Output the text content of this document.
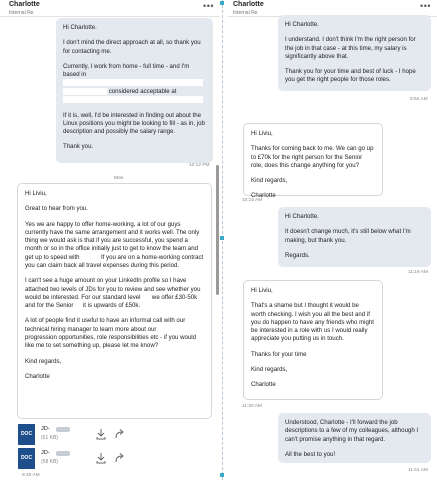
Charlotte
Internal Re
•••

Hi Charlotte.

I don't mind the direct approach at all, so thank you for contacting me.

Currently, I work from home - full time - and I'm based in
considered acceptable at

If it is, well, I'd be interested in finding out about the Linux positions you might be looking to fill - as in, job description and possibly the salary range.

Thank you.

10:12 PM
Mon

Hi Liviu,

Great to hear from you.

Yes we are happy to offer home-working, a lot of our guys currently have the same arrangement and it works well. The only thing we would ask is that if you are successful, you spend a month or so in the office initially just to get to know the team and get up to speed with	If you are on a home-working contract you can claim back all travel expenses during this period.

I can't see a huge amount on your LinkedIn profile so I have attached two levels of JDs for you to review and see whether you would be interested. For our standard level we offer £30-50k and for the Senior it is upwards of £50k.

A lot of people find it useful to have an informal call with our technical hiring manager to learn more about our  progression opportunities, role responsibilities etc - if you would like me to set something up, please let me know?

Kind regards,

Charlotte

DOC
JD-
(61 KB)
DOC
JD-
(58 KB)
8:46 AM
Charlotte
Internal Re
•••

Hi Charlotte.

I understand. I don't think I'm the right person for the job in that case - at this time, my salary is significantly above that.

Thank you for your time and best of luck - I hope you get the right people for those roles.

9:52 AM

Hi Liviu,

Thanks for coming back to me. We can go up to £70k for the right person for the Senior role, does this change anything for you?

Kind regards,

Charlotte

10:15 AM

Hi Charlotte.

It doesn't change much, it's still below what I'm making, but thank you.

Regards.

11:19 AM

Hi Liviu,

That's a shame but I thought it would be worth checking. I wish you all the best and if you do happen to have any friends who might be interested in a role with us I would really appreciate you putting us in touch.

Thanks for your time

Kind regards,

Charlotte

11:30 AM

Understood, Charlotte - I'll forward the job descriptions to a few of my colleagues, although I can't promise anything in that regard.

All the best to you!

11:51 AM
